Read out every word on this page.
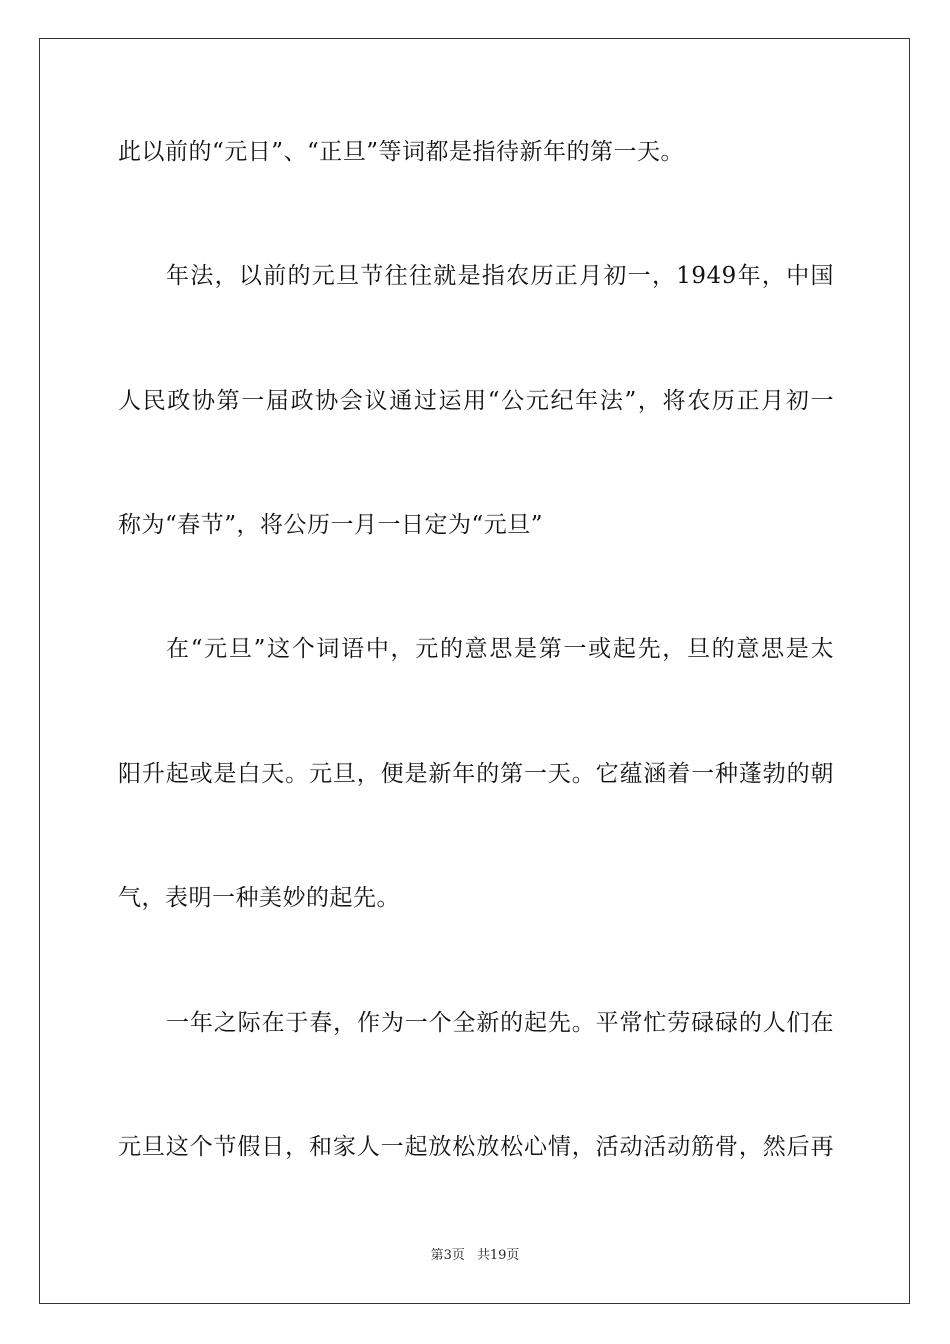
此以前的“元日”、“正旦”等词都是指待新年的第一天。
年法，以前的元旦节往往就是指农历正月初一，1949年，中国
人民政协第一届政协会议通过运用“公元纪年法”，将农历正月初一
称为“春节”，将公历一月一日定为“元旦”
在“元旦”这个词语中，元的意思是第一或起先，旦的意思是太
阳升起或是白天。元旦，便是新年的第一天。它蕴涵着一种蓬勃的朝
气，表明一种美妙的起先。
一年之际在于春，作为一个全新的起先。平常忙劳碌碌的人们在
元旦这个节假日，和家人一起放松放松心情，活动活动筋骨，然后再
第3页 共19页
